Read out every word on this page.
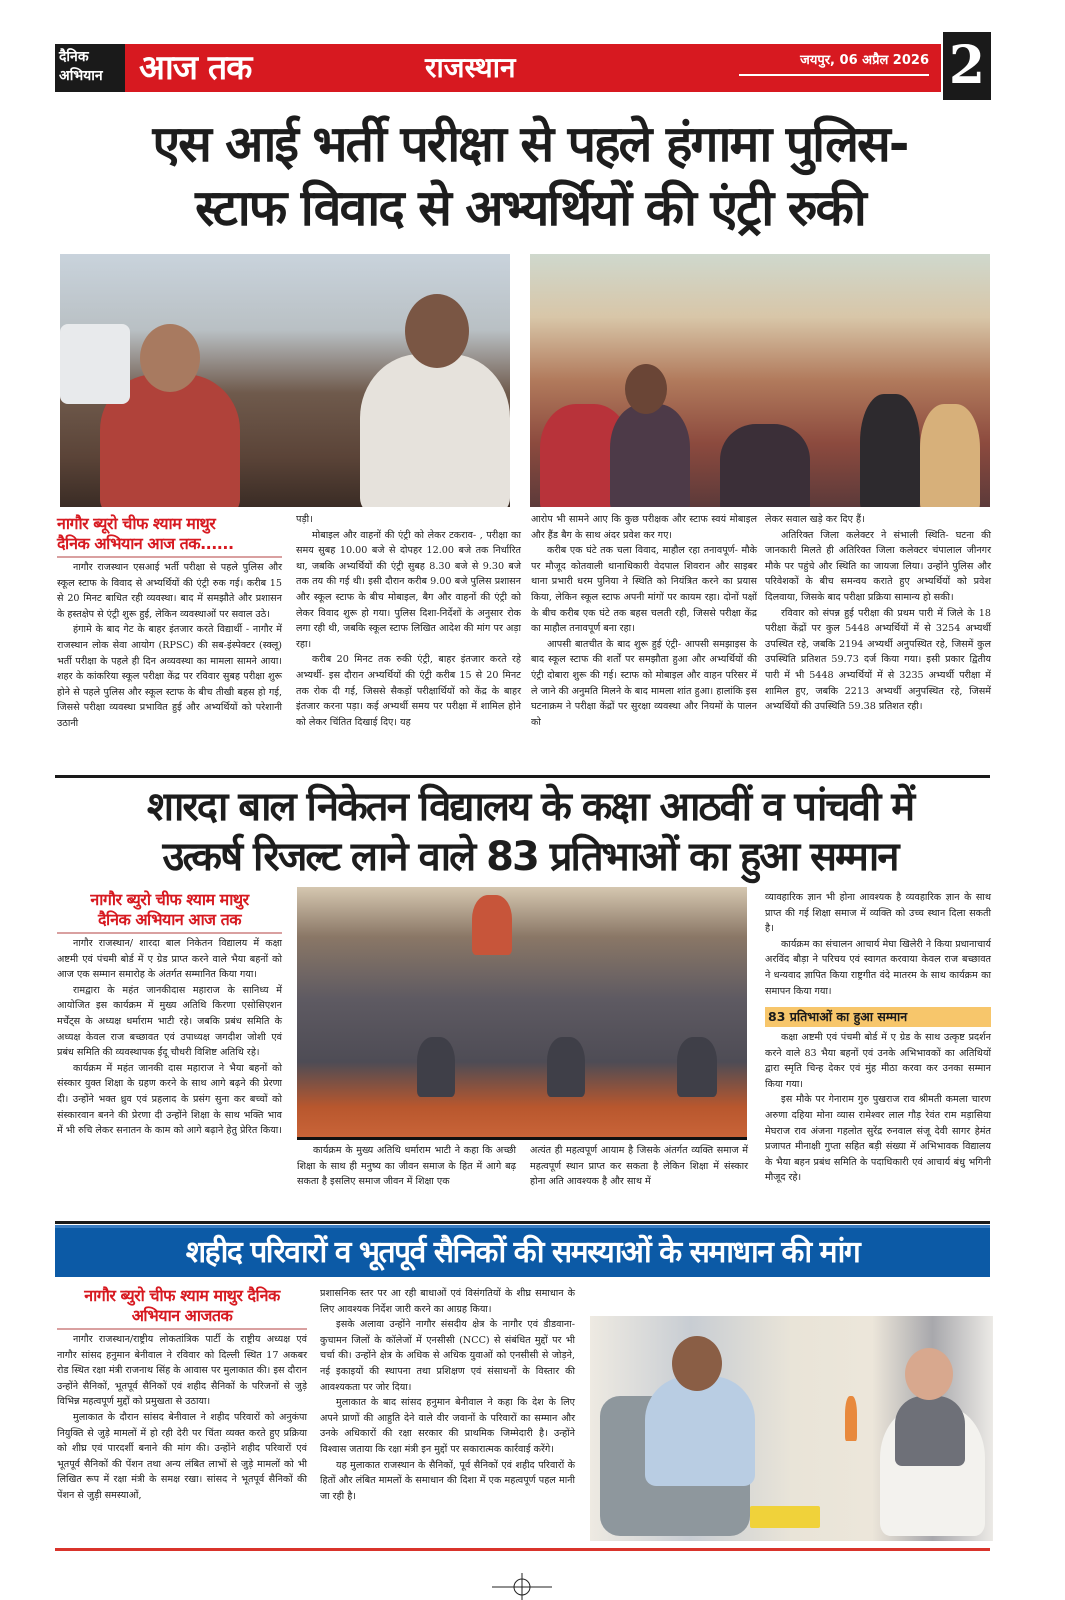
दैनिक
अभियान	आज तक	राजस्थान	जयपुर, 06 अप्रैल 2026 2
एस आई भर्ती परीक्षा से पहले हंगामा पुलिस-
स्टाफ विवाद से अभ्यर्थियों की एंट्री रुकी
नागौर ब्यूरो चीफ श्याम माथुर
दैनिक अभियान आज तक......

नागौर राजस्थान एसआई भर्ती परीक्षा से पहले पुलिस और स्कूल स्टाफ के विवाद से अभ्यर्थियों की एंट्री रुक गई। करीब 15 से 20 मिनट बाधित रही व्यवस्था। बाद में समझौते और प्रशासन के हस्तक्षेप से एंट्री शुरू हुई, लेकिन व्यवस्थाओं पर सवाल उठे।

हंगामे के बाद गेट के बाहर इंतजार करते विद्यार्थी - नागौर में राजस्थान लोक सेवा आयोग (RPSC) की सब-इंस्पेक्टर (स्क्लू) भर्ती परीक्षा के पहले ही दिन अव्यवस्था का मामला सामने आया। शहर के कांकरिया स्कूल परीक्षा केंद्र पर रविवार सुबह परीक्षा शुरू होने से पहले पुलिस और स्कूल स्टाफ के बीच तीखी बहस हो गई, जिससे परीक्षा व्यवस्था प्रभावित हुई और अभ्यर्थियों को परेशानी उठानी

पड़ी।

मोबाइल और वाहनों की एंट्री को लेकर टकराव- , परीक्षा का समय सुबह 10.00 बजे से दोपहर 12.00 बजे तक निर्धारित था, जबकि अभ्यर्थियों की एंट्री सुबह 8.30 बजे से 9.30 बजे तक तय की गई थी। इसी दौरान करीब 9.00 बजे पुलिस प्रशासन और स्कूल स्टाफ के बीच मोबाइल, बैग और वाहनों की एंट्री को लेकर विवाद शुरू हो गया। पुलिस दिशा-निर्देशों के अनुसार रोक लगा रही थी, जबकि स्कूल स्टाफ लिखित आदेश की मांग पर अड़ा रहा।

करीब 20 मिनट तक रुकी एंट्री, बाहर इंतजार करते रहे अभ्यर्थी- इस दौरान अभ्यर्थियों की एंट्री करीब 15 से 20 मिनट तक रोक दी गई, जिससे सैकड़ों परीक्षार्थियों को केंद्र के बाहर इंतजार करना पड़ा। कई अभ्यर्थी समय पर परीक्षा में शामिल होने को लेकर चिंतित दिखाई दिए। यह

आरोप भी सामने आए कि कुछ परीक्षक और स्टाफ स्वयं मोबाइल और हैंड बैग के साथ अंदर प्रवेश कर गए।

करीब एक घंटे तक चला विवाद, माहौल रहा तनावपूर्ण- मौके पर मौजूद कोतवाली थानाधिकारी वेदपाल शिवरान और साइबर थाना प्रभारी धरम पुनिया ने स्थिति को नियंत्रित करने का प्रयास किया, लेकिन स्कूल स्टाफ अपनी मांगों पर कायम रहा। दोनों पक्षों के बीच करीब एक घंटे तक बहस चलती रही, जिससे परीक्षा केंद्र का माहौल तनावपूर्ण बना रहा।

आपसी बातचीत के बाद शुरू हुई एंट्री- आपसी समझाइस के बाद स्कूल स्टाफ की शर्तों पर समझौता हुआ और अभ्यर्थियों की एंट्री दोबारा शुरू की गई। स्टाफ को मोबाइल और वाहन परिसर में ले जाने की अनुमति मिलने के बाद मामला शांत हुआ। हालांकि इस घटनाक्रम ने परीक्षा केंद्रों पर सुरक्षा व्यवस्था और नियमों के पालन को

लेकर सवाल खड़े कर दिए हैं।

अतिरिक्त जिला कलेक्टर ने संभाली स्थिति- घटना की जानकारी मिलते ही अतिरिक्त जिला कलेक्टर चंपालाल जीनगर मौके पर पहुंचे और स्थिति का जायजा लिया। उन्होंने पुलिस और परिवेशकों के बीच समन्वय कराते हुए अभ्यर्थियों को प्रवेश दिलवाया, जिसके बाद परीक्षा प्रक्रिया सामान्य हो सकी।

रविवार को संपन्न हुई परीक्षा की प्रथम पारी में जिले के 18 परीक्षा केंद्रों पर कुल 5448 अभ्यर्थियों में से 3254 अभ्यर्थी उपस्थित रहे, जबकि 2194 अभ्यर्थी अनुपस्थित रहे, जिसमें कुल उपस्थिति प्रतिशत 59.73 दर्ज किया गया। इसी प्रकार द्वितीय पारी में भी 5448 अभ्यर्थियों में से 3235 अभ्यर्थी परीक्षा में शामिल हुए, जबकि 2213 अभ्यर्थी अनुपस्थित रहे, जिसमें अभ्यर्थियों की उपस्थिति 59.38 प्रतिशत रही।

शारदा बाल निकेतन विद्यालय के कक्षा आठवीं व पांचवी में
उत्कर्ष रिजल्ट लाने वाले 83 प्रतिभाओं का हुआ सम्मान
नागौर ब्युरो चीफ श्याम माथुर
दैनिक अभियान आज तक

नागौर राजस्थान/ शारदा बाल निकेतन विद्यालय में कक्षा अष्टमी एवं पंचमी बोर्ड में ए ग्रेड प्राप्त करने वाले भैया बहनों को आज एक सम्मान समारोह के अंतर्गत सम्मानित किया गया।

रामद्वारा के महंत जानकीदास महाराज के सानिध्य में आयोजित इस कार्यक्रम में मुख्य अतिथि किरणा एसोसिएशन मर्चेंट्स के अध्यक्ष धर्माराम भाटी रहे। जबकि प्रबंध समिति के अध्यक्ष केवल राज बच्छावत एवं उपाध्यक्ष जगदीश जोशी एवं प्रबंध समिति की व्यवस्थापक ईंदू चौधरी विशिष्ट अतिथि रहे।

कार्यक्रम में महंत जानकी दास महाराज ने भैया बहनों को संस्कार युक्त शिक्षा के ग्रहण करने के साथ आगे बढ़ने की प्रेरणा दी। उन्होंने भक्त ध्रुव एवं प्रहलाद के प्रसंग सुना कर बच्चों को संस्कारवान बनने की प्रेरणा दी उन्होंने शिक्षा के साथ भक्ति भाव में भी रुचि लेकर सनातन के काम को आगे बढ़ाने हेतु प्रेरित किया।

कार्यक्रम के मुख्य अतिथि धर्माराम भाटी ने कहा कि अच्छी शिक्षा के साथ ही मनुष्य का जीवन समाज के हित में आगे बढ़ सकता है इसलिए समाज जीवन में शिक्षा एक

अत्यंत ही महत्वपूर्ण आयाम है जिसके अंतर्गत व्यक्ति समाज में महत्वपूर्ण स्थान प्राप्त कर सकता है लेकिन शिक्षा में संस्कार होना अति आवश्यक है और साथ में

व्यावहारिक ज्ञान भी होना आवश्यक है व्यवहारिक ज्ञान के साथ प्राप्त की गई शिक्षा समाज में व्यक्ति को उच्च स्थान दिला सकती है।

कार्यक्रम का संचालन आचार्य मेघा खिलेरी ने किया प्रधानाचार्य अरविंद बौड़ा ने परिचय एवं स्वागत करवाया केवल राज बच्छावत ने धन्यवाद ज्ञापित किया राष्ट्रगीत वंदे मातरम के साथ कार्यक्रम का समापन किया गया।

83 प्रतिभाओं का हुआ सम्मान

कक्षा अष्टमी एवं पंचमी बोर्ड में ए ग्रेड के साथ उत्कृष्ट प्रदर्शन करने वाले 83 भैया बहनों एवं उनके अभिभावकों का अतिथियों द्वारा स्मृति चिन्ह देकर एवं मुंह मीठा करवा कर उनका सम्मान किया गया।

इस मौके पर गेनाराम गुरु पुखराज राव श्रीमती कमला चारण अरुणा दहिया मोना व्यास रामेश्वर लाल गौड़ रेवंत राम मड़ासिया मेघराज राव अंजना गहलोत सुरेंद्र रुनवाल संजू देवी सागर हेमंत प्रजापत मीनाक्षी गुप्ता सहित बड़ी संख्या में अभिभावक विद्यालय के भैया बहन प्रबंध समिति के पदाधिकारी एवं आचार्य बंधु भगिनी मौजूद रहे।

शहीद परिवारों व भूतपूर्व सैनिकों की समस्याओं के समाधान की मांग
नागौर ब्युरो चीफ श्याम माथुर दैनिक
अभियान आजतक

नागौर राजस्थान/राष्ट्रीय लोकतांत्रिक पार्टी के राष्ट्रीय अध्यक्ष एवं नागौर सांसद हनुमान बेनीवाल ने रविवार को दिल्ली स्थित 17 अकबर रोड स्थित रक्षा मंत्री राजनाथ सिंह के आवास पर मुलाकात की। इस दौरान उन्होंने सैनिकों, भूतपूर्व सैनिकों एवं शहीद सैनिकों के परिजनों से जुड़े विभिन्न महत्वपूर्ण मुद्दों को प्रमुखता से उठाया।

मुलाकात के दौरान सांसद बेनीवाल ने शहीद परिवारों को अनुकंपा नियुक्ति से जुड़े मामलों में हो रही देरी पर चिंता व्यक्त करते हुए प्रक्रिया को शीघ्र एवं पारदर्शी बनाने की मांग की। उन्होंने शहीद परिवारों एवं भूतपूर्व सैनिकों की पेंशन तथा अन्य लंबित लाभों से जुड़े मामलों को भी लिखित रूप में रक्षा मंत्री के समक्ष रखा। सांसद ने भूतपूर्व सैनिकों की पेंशन से जुड़ी समस्याओं,

प्रशासनिक स्तर पर आ रही बाधाओं एवं विसंगतियों के शीघ्र समाधान के लिए आवश्यक निर्देश जारी करने का आग्रह किया।

इसके अलावा उन्होंने नागौर संसदीय क्षेत्र के नागौर एवं डीडवाना-कुचामन जिलों के कॉलेजों में एनसीसी (NCC) से संबंधित मुद्दों पर भी चर्चा की। उन्होंने क्षेत्र के अधिक से अधिक युवाओं को एनसीसी से जोड़ने, नई इकाइयों की स्थापना तथा प्रशिक्षण एवं संसाधनों के विस्तार की आवश्यकता पर जोर दिया।

मुलाकात के बाद सांसद हनुमान बेनीवाल ने कहा कि देश के लिए अपने प्राणों की आहुति देने वाले वीर जवानों के परिवारों का सम्मान और उनके अधिकारों की रक्षा सरकार की प्राथमिक जिम्मेदारी है। उन्होंने विश्वास जताया कि रक्षा मंत्री इन मुद्दों पर सकारात्मक कार्रवाई करेंगे।

यह मुलाकात राजस्थान के सैनिकों, पूर्व सैनिकों एवं शहीद परिवारों के हितों और लंबित मामलों के समाधान की दिशा में एक महत्वपूर्ण पहल मानी जा रही है।
